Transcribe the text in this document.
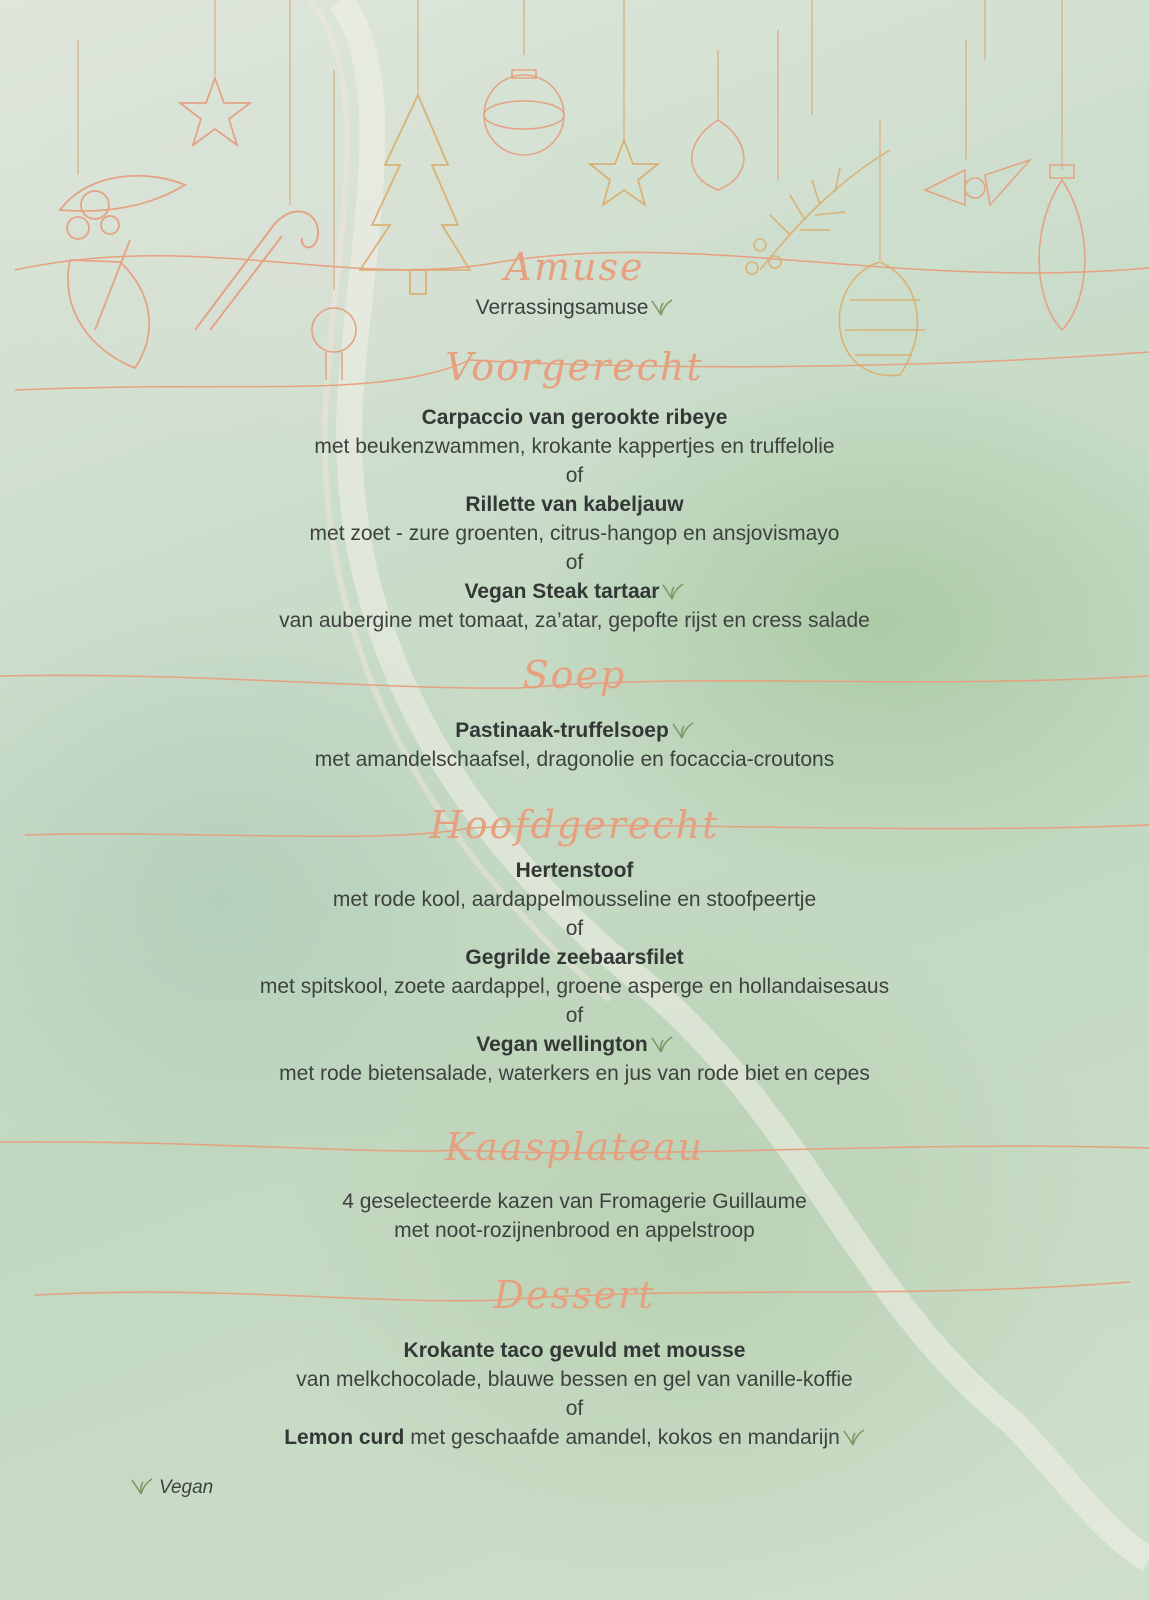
Amuse
Verrassingsamuse
Voorgerecht
Carpaccio van gerookte ribeye
met beukenzwammen, krokante kappertjes en truffelolie
of
Rillette van kabeljauw
met zoet - zure groenten, citrus-hangop en ansjovismayo
of
Vegan Steak tartaar
van aubergine met tomaat, za’atar, gepofte rijst en cress salade
Soep
Pastinaak-truffelsoep
met amandelschaafsel, dragonolie en focaccia-croutons
Hoofdgerecht
Hertenstoof
met rode kool, aardappelmousseline en stoofpeertje
of
Gegrilde zeebaarsfilet
met spitskool, zoete aardappel, groene asperge en hollandaisesaus
of
Vegan wellington
met rode bietensalade, waterkers en jus van rode biet en cepes
Kaasplateau
4 geselecteerde kazen van Fromagerie Guillaume
met noot-rozijnenbrood en appelstroop
Dessert
Krokante taco gevuld met mousse
van melkchocolade, blauwe bessen en gel van vanille-koffie
of
Lemon curd met geschaafde amandel, kokos en mandarijn
Vegan
